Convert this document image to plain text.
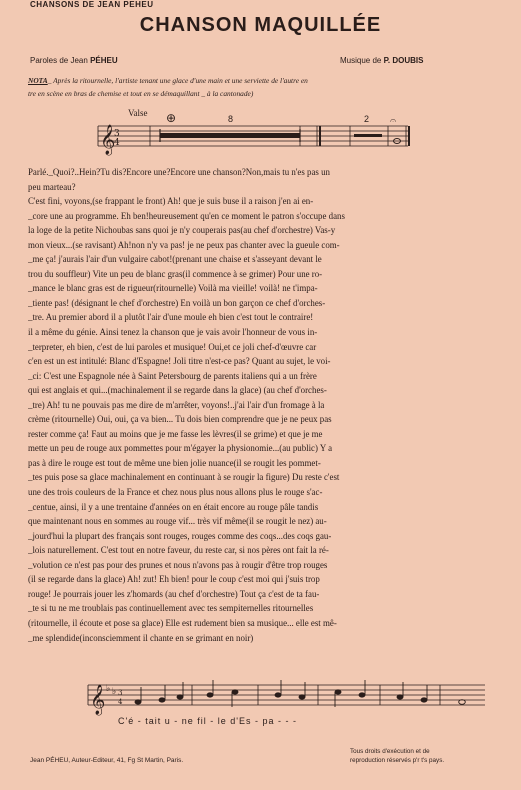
CHANSONS DE JEAN PEHEU
CHANSON MAQUILLÉE
Paroles de Jean PÉHEU	Musique de P. DOUBIS
NOTA_ Après la ritournelle, l'artiste tenant une glace d'une main et une serviette de l'autre en
tre en scène en bras de chemise et tout en se démaquillant _ à la cantonade)
Valse
𝄞
3
4
⊕	8	2 𝄐
Parlé._Quoi?..Hein?Tu dis?Encore une?Encore une chanson?Non,mais tu n'es pas un
peu marteau?
C'est fini, voyons,(se frappant le front) Ah! que je suis buse il a raison j'en ai en-
_core une au programme. Eh ben!heureusement qu'en ce moment le patron s'occupe dans
la loge de la petite Nichoubas sans quoi je n'y couperais pas(au chef d'orchestre) Vas-y
mon vieux...(se ravisant) Ah!non n'y va pas! je ne peux pas chanter avec la gueule com-
_me ça! j'aurais l'air d'un vulgaire cabot!(prenant une chaise et s'asseyant devant le
trou du souffleur) Vite un peu de blanc gras(il commence à se grimer) Pour une ro-
_mance le blanc gras est de rigueur(ritournelle) Voilà ma vieille! voilà! ne t'impa-
_tiente pas! (désignant le chef d'orchestre) En voilà un bon garçon ce chef d'orches-
_tre. Au premier abord il a plutôt l'air d'une moule eh bien c'est tout le contraire!
il a même du génie. Ainsi tenez la chanson que je vais avoir l'honneur de vous in-
_terpreter, eh bien, c'est de lui paroles et musique! Oui,et ce joli chef-d'œuvre car
c'en est un est intitulé: Blanc d'Espagne! Joli titre n'est-ce pas? Quant au sujet, le voi-
_ci: C'est une Espagnole née à Saint Petersbourg de parents italiens qui a un frère
qui est anglais et qui...(machinalement il se regarde dans la glace) (au chef d'orches-
_tre) Ah! tu ne pouvais pas me dire de m'arrêter, voyons!..j'ai l'air d'un fromage à la
crème (ritournelle) Oui, oui, ça va bien... Tu dois bien comprendre que je ne peux pas
rester comme ça! Faut au moins que je me fasse les lèvres(il se grime) et que je me
mette un peu de rouge aux pommettes pour m'égayer la physionomie...(au public) Y a
pas à dire le rouge est tout de même une bien jolie nuance(il se rougit les pommet-
_tes puis pose sa glace machinalement en continuant à se rougir la figure) Du reste c'est
une des trois couleurs de la France et chez nous plus nous allons plus le rouge s'ac-
_centue, ainsi, il y a une trentaine d'années on en était encore au rouge pâle tandis
que maintenant nous en sommes au rouge vif... très vif même(il se rougit le nez) au-
_jourd'hui la plupart des français sont rouges, rouges comme des coqs...des coqs gau-
_lois naturellement. C'est tout en notre faveur, du reste car, si nos pères ont fait la ré-
_volution ce n'est pas pour des prunes et nous n'avons pas à rougir d'être trop rouges
(il se regarde dans la glace) Ah! zut! Eh bien! pour le coup c'est moi qui j'suis trop
rouge! Je pourrais jouer les z'homards (au chef d'orchestre) Tout ça c'est de ta fau-
_te si tu ne me troublais pas continuellement avec tes sempiternelles ritournelles
(ritournelle, il écoute et pose sa glace) Elle est rudement bien sa musique... elle est mê-
_me splendide(inconsciemment il chante en se grimant en noir)
𝄞 ♭ ♭ 3
4
C'é - tait u - ne fil - le d'Es - pa - - -
Jean PÉHEU, Auteur-Editeur, 41, Fg St Martin, Paris.
Tous droits d'exécution et de
reproduction réservés p'r t's pays.
